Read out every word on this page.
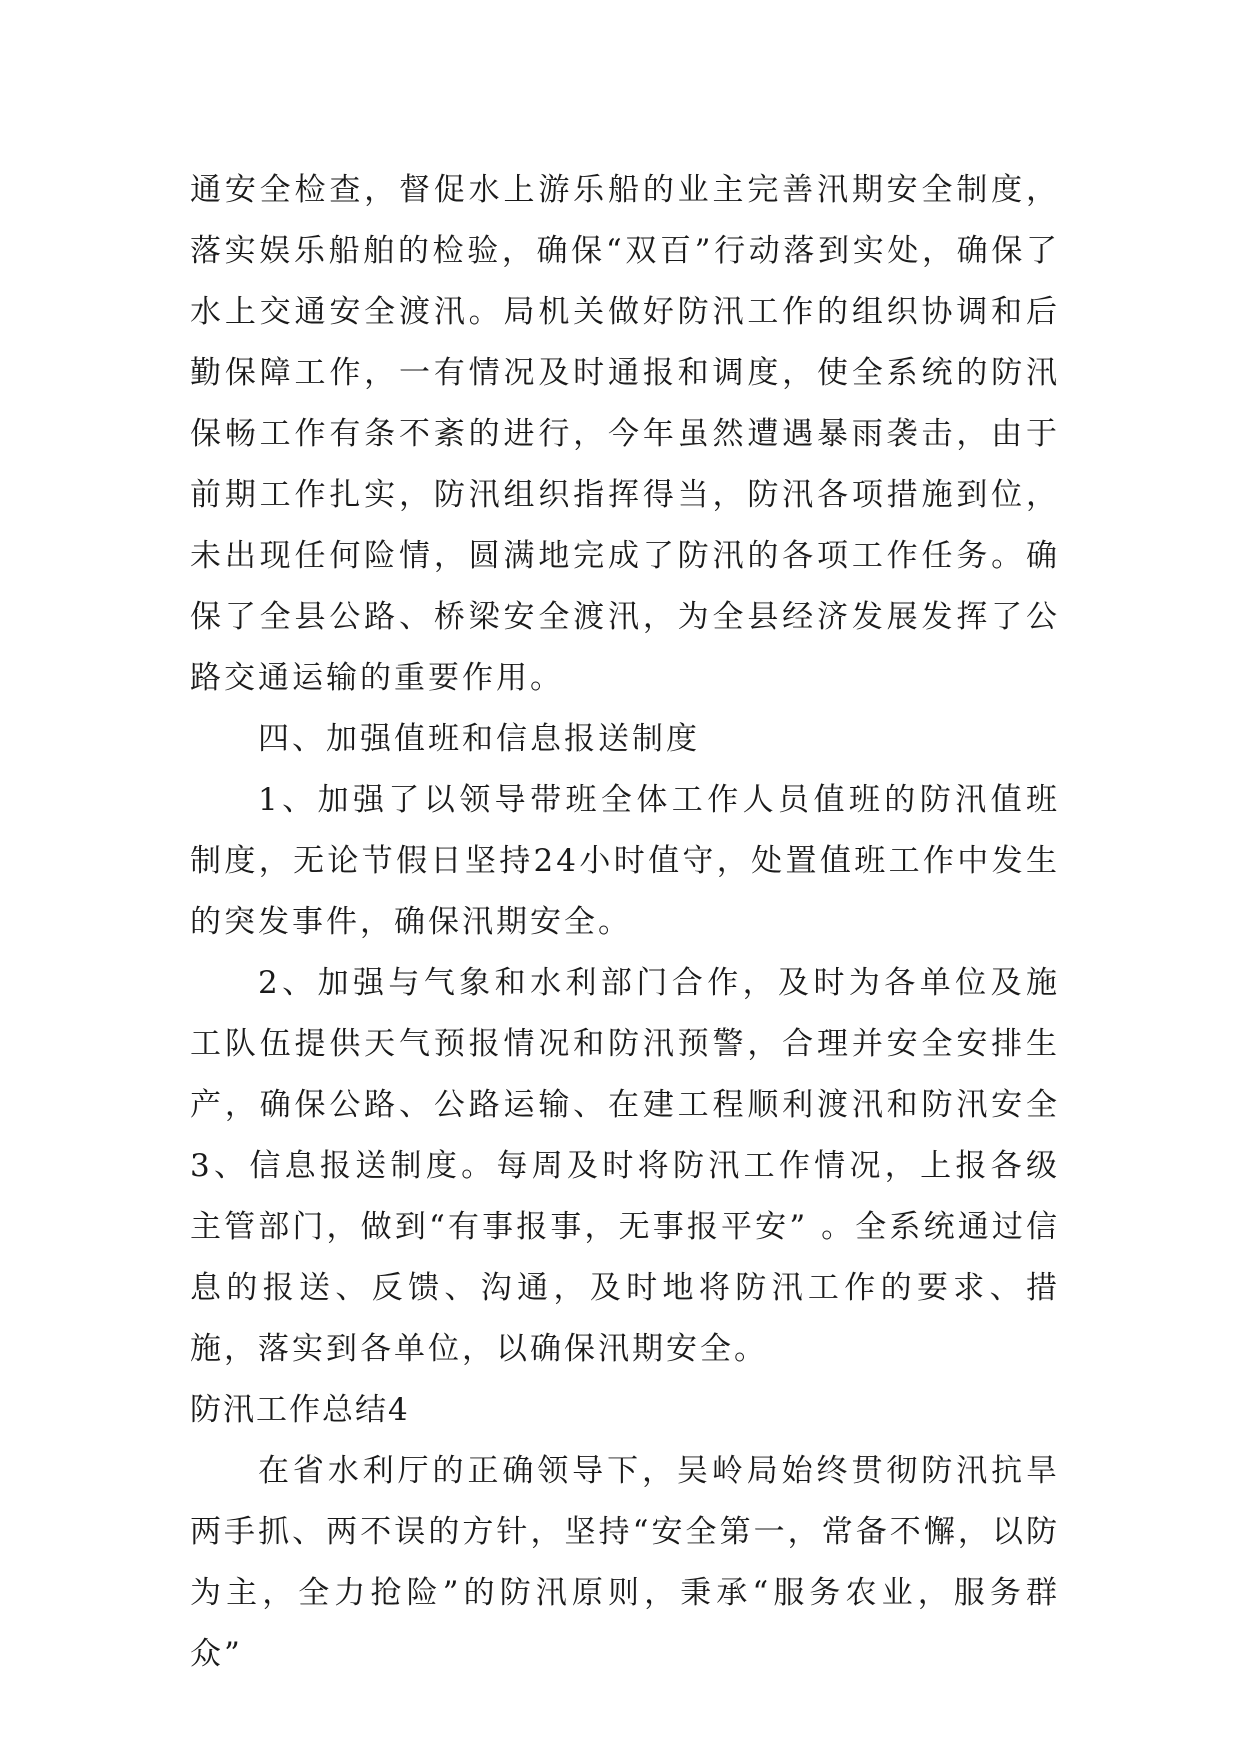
通安全检查，督促水上游乐船的业主完善汛期安全制度，落实娱乐船舶的检验，确保“双百”行动落到实处，确保了水上交通安全渡汛。局机关做好防汛工作的组织协调和后勤保障工作，一有情况及时通报和调度，使全系统的防汛保畅工作有条不紊的进行，今年虽然遭遇暴雨袭击，由于前期工作扎实，防汛组织指挥得当，防汛各项措施到位，未出现任何险情，圆满地完成了防汛的各项工作任务。确保了全县公路、桥梁安全渡汛，为全县经济发展发挥了公路交通运输的重要作用。

四、加强值班和信息报送制度

1、加强了以领导带班全体工作人员值班的防汛值班制度，无论节假日坚持24小时值守，处置值班工作中发生的突发事件，确保汛期安全。

2、加强与气象和水利部门合作，及时为各单位及施工队伍提供天气预报情况和防汛预警，合理并安全安排生产，确保公路、公路运输、在建工程顺利渡汛和防汛安全3、信息报送制度。每周及时将防汛工作情况，上报各级主管部门，做到“有事报事，无事报平安” 。全系统通过信息的报送、反馈、沟通，及时地将防汛工作的要求、措施，落实到各单位，以确保汛期安全。

防汛工作总结4

在省水利厅的正确领导下，吴岭局始终贯彻防汛抗旱两手抓、两不误的方针，坚持“安全第一，常备不懈，以防为主，全力抢险”的防汛原则，秉承“服务农业，服务群众”
